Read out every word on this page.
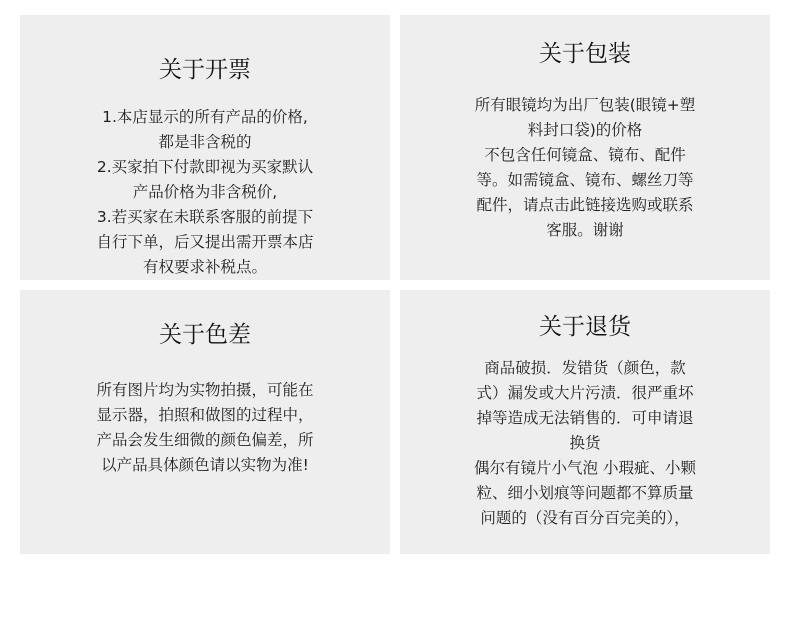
关于开票
1.本店显示的所有产品的价格,
都是非含税的
2.买家拍下付款即视为买家默认
产品价格为非含税价,
3.若买家在未联系客服的前提下
自行下单，后又提出需开票本店
有权要求补税点。
关于包装
所有眼镜均为出厂包装(眼镜+塑
料封口袋)的价格
不包含任何镜盒、镜布、配件
等。如需镜盒、镜布、螺丝刀等
配件，请点击此链接选购或联系
客服。谢谢
关于色差
所有图片均为实物拍摄，可能在
显示器，拍照和做图的过程中，
产品会发生细微的颜色偏差，所
以产品具体颜色请以实物为准!
关于退货
商品破损．发错货（颜色，款
式）漏发或大片污渍．很严重坏
掉等造成无法销售的．可申请退
换货
偶尔有镜片小气泡 小瑕疵、小颗
粒、细小划痕等问题都不算质量
问题的（没有百分百完美的），
